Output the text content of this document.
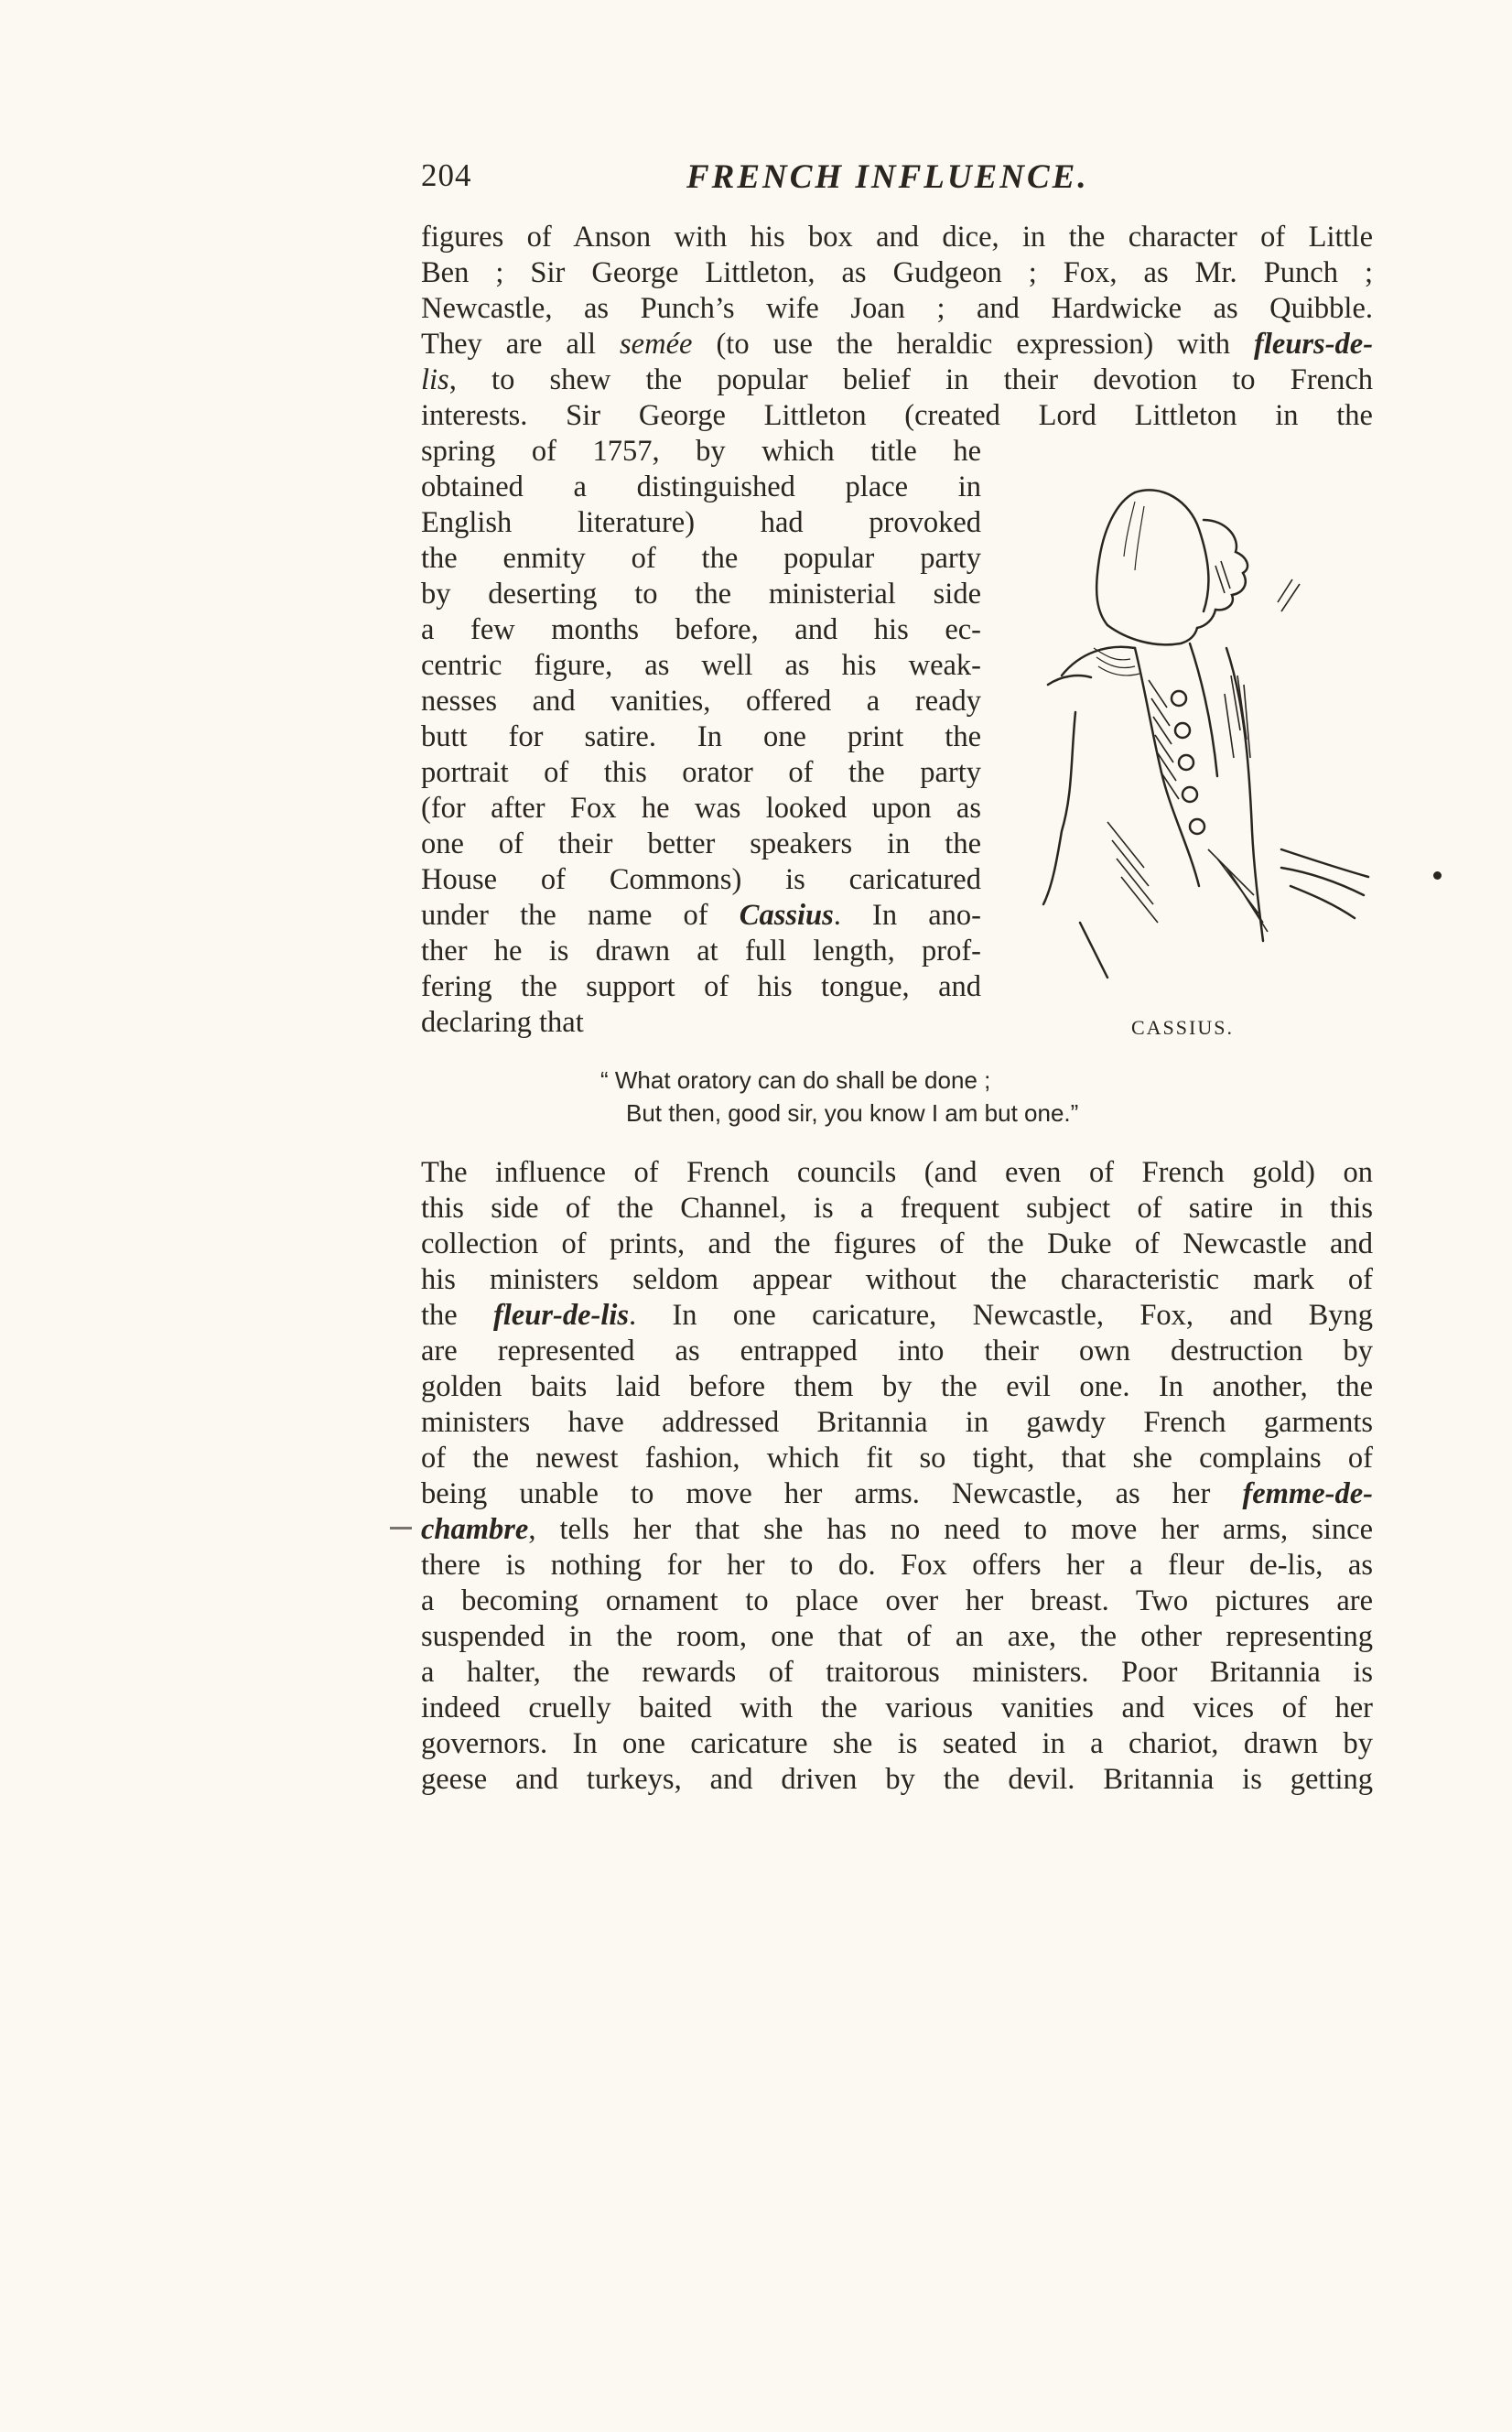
204	FRENCH INFLUENCE.
figures of Anson with his box and dice, in the character of Little
Ben ; Sir George Littleton, as Gudgeon ; Fox, as Mr. Punch ;
Newcastle, as Punch’s wife Joan ; and Hardwicke as Quibble.
They are all semée (to use the heraldic expression) with fleurs-de-
lis, to shew the popular belief in their devotion to French
interests. Sir George Littleton (created Lord Littleton in the
spring of 1757, by which title he
obtained a distinguished place in
English literature) had provoked
the enmity of the popular party
by deserting to the ministerial side
a few months before, and his ec-
centric figure, as well as his weak-
nesses and vanities, offered a ready
butt for satire. In one print the
portrait of this orator of the party
(for after Fox he was looked upon as
one of their better speakers in the
House of Commons) is caricatured
under the name of Cassius. In ano-
ther he is drawn at full length, prof-
fering the support of his tongue, and
declaring that	CASSIUS.
“ What oratory can do shall be done ;
But then, good sir, you know I am but one.”
The influence of French councils (and even of French gold) on
this side of the Channel, is a frequent subject of satire in this
collection of prints, and the figures of the Duke of Newcastle and
his ministers seldom appear without the characteristic mark of
the fleur-de-lis. In one caricature, Newcastle, Fox, and Byng
are represented as entrapped into their own destruction by
golden baits laid before them by the evil one. In another, the
ministers have addressed Britannia in gawdy French garments
of the newest fashion, which fit so tight, that she complains of
being unable to move her arms. Newcastle, as her femme-de-
chambre, tells her that she has no need to move her arms, since
there is nothing for her to do. Fox offers her a fleur de-lis, as
a becoming ornament to place over her breast. Two pictures are
suspended in the room, one that of an axe, the other representing
a halter, the rewards of traitorous ministers. Poor Britannia is
indeed cruelly baited with the various vanities and vices of her
governors. In one caricature she is seated in a chariot, drawn by
geese and turkeys, and driven by the devil. Britannia is getting
